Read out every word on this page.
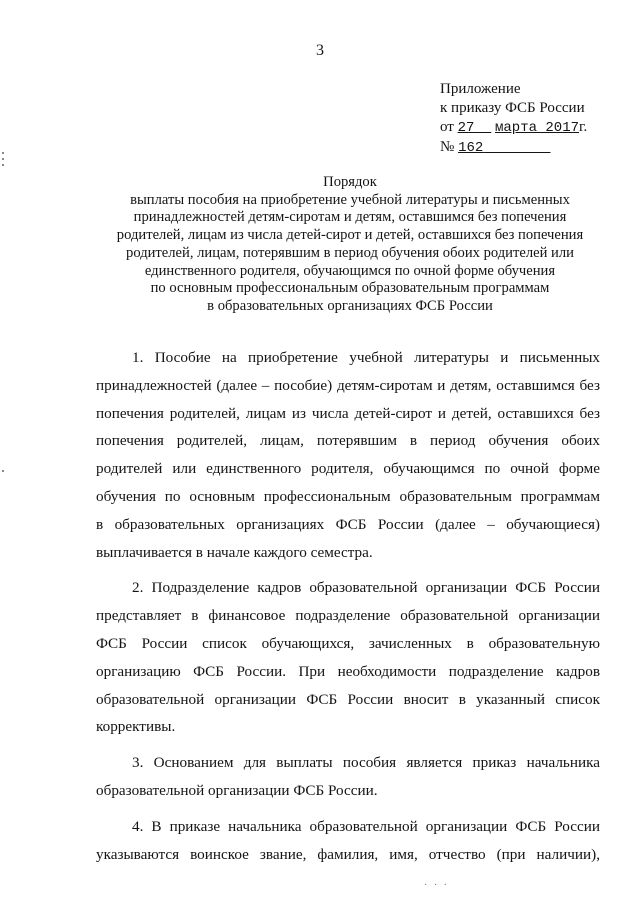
3
Приложение
к приказу ФСБ России
от 27 марта 2017г.
№ 162
Порядок
выплаты пособия на приобретение учебной литературы и письменных
принадлежностей детям-сиротам и детям, оставшимся без попечения
родителей, лицам из числа детей-сирот и детей, оставшихся без попечения
родителей, лицам, потерявшим в период обучения обоих родителей или
единственного родителя, обучающимся по очной форме обучения
по основным профессиональным образовательным программам
в образовательных организациях ФСБ России
1. Пособие на приобретение учебной литературы и письменных
принадлежностей (далее – пособие) детям-сиротам и детям, оставшимся без
попечения родителей, лицам из числа детей-сирот и детей, оставшихся без
попечения родителей, лицам, потерявшим в период обучения обоих
родителей или единственного родителя, обучающимся по очной форме
обучения по основным профессиональным образовательным программам
в образовательных организациях ФСБ России (далее – обучающиеся)
выплачивается в начале каждого семестра.
2. Подразделение кадров образовательной организации ФСБ России
представляет в финансовое подразделение образовательной организации
ФСБ России список обучающихся, зачисленных в образовательную
организацию ФСБ России. При необходимости подразделение кадров
образовательной организации ФСБ России вносит в указанный список
коррективы.
3. Основанием для выплаты пособия является приказ начальника
образовательной организации ФСБ России.
4. В приказе начальника образовательной организации ФСБ России
указываются воинское звание, фамилия, имя, отчество (при наличии),
· · ·
